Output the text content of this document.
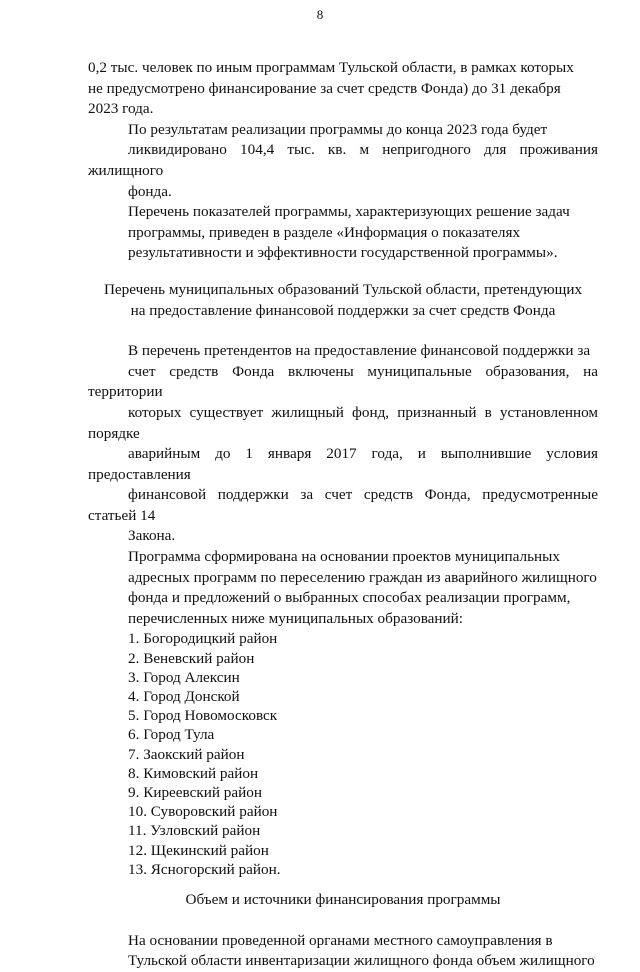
8

0,2 тыс. человек по иным программам Тульской области, в рамках которых
не предусмотрено финансирование за счет средств Фонда) до 31 декабря
2023 года.

По результатам реализации программы до конца 2023 года будет
ликвидировано 104,4 тыс. кв. м непригодного для проживания жилищного
фонда.

Перечень показателей программы, характеризующих решение задач
программы, приведен в разделе «Информация о показателях
результативности и эффективности государственной программы».

Перечень муниципальных образований Тульской области, претендующих
на предоставление финансовой поддержки за счет средств Фонда

В перечень претендентов на предоставление финансовой поддержки за
счет средств Фонда включены муниципальные образования, на территории
которых существует жилищный фонд, признанный в установленном порядке
аварийным до 1 января 2017 года, и выполнившие условия предоставления
финансовой поддержки за счет средств Фонда, предусмотренные статьей 14
Закона.

Программа сформирована на основании проектов муниципальных
адресных программ по переселению граждан из аварийного жилищного
фонда и предложений о выбранных способах реализации программ,
перечисленных ниже муниципальных образований:

1. Богородицкий район
2. Веневский район
3. Город Алексин
4. Город Донской
5. Город Новомосковск
6. Город Тула
7. Заокский район
8. Кимовский район
9. Киреевский район
10. Суворовский район
11. Узловский район
12. Щекинский район
13. Ясногорский район.

Объем и источники финансирования программы

На основании проведенной органами местного самоуправления в
Тульской области инвентаризации жилищного фонда объем жилищного
